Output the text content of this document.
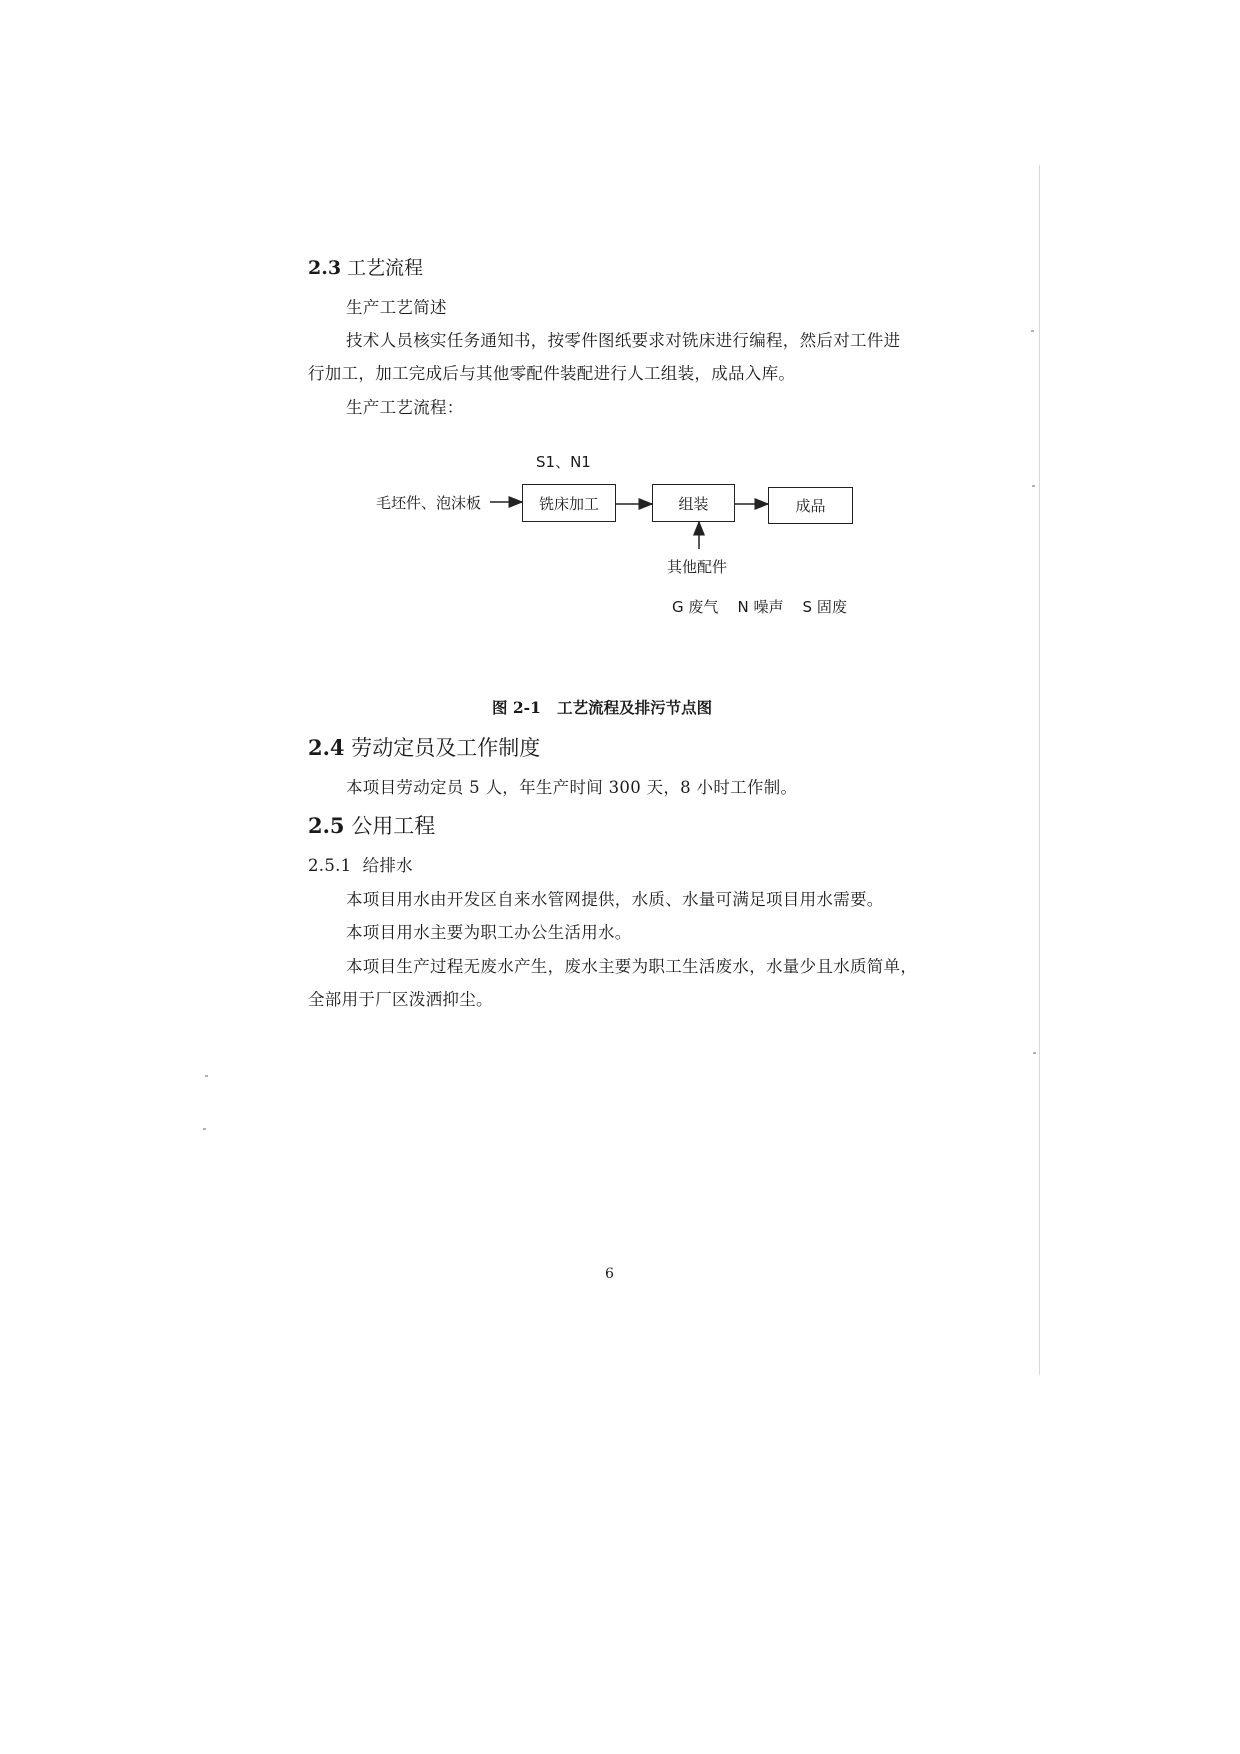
2.3 工艺流程
生产工艺简述
技术人员核实任务通知书，按零件图纸要求对铣床进行编程，然后对工件进
行加工，加工完成后与其他零配件装配进行人工组装，成品入库。
生产工艺流程：
毛坯件、泡沫板
S1、N1
铣床加工	组装	成品
其他配件
G 废气    N 噪声    S 固废
图 2-1 工艺流程及排污节点图
2.4 劳动定员及工作制度
本项目劳动定员 5 人，年生产时间 300 天，8 小时工作制。
2.5 公用工程
2.5.1 给排水
本项目用水由开发区自来水管网提供，水质、水量可满足项目用水需要。
本项目用水主要为职工办公生活用水。
本项目生产过程无废水产生，废水主要为职工生活废水，水量少且水质简单，
全部用于厂区泼洒抑尘。
6
